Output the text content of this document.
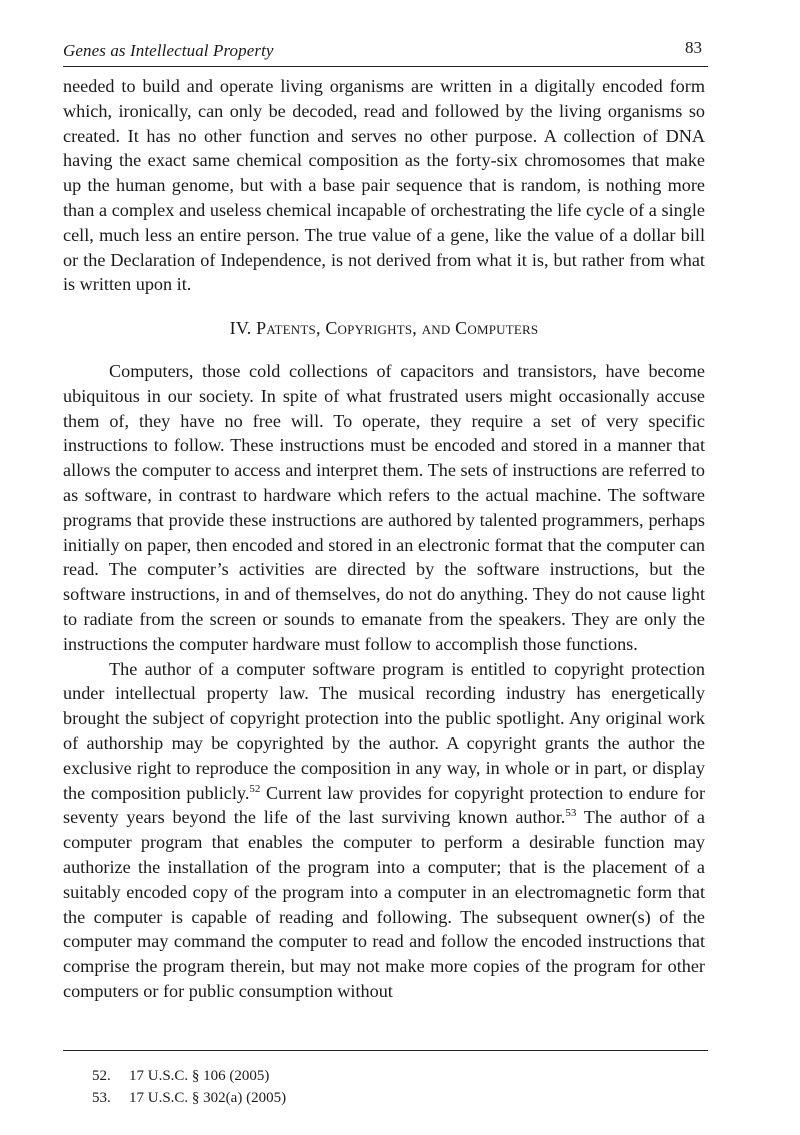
Genes as Intellectual Property	83

needed to build and operate living organisms are written in a digitally encoded form which, ironically, can only be decoded, read and followed by the living organisms so created. It has no other function and serves no other purpose. A collection of DNA having the exact same chemical composition as the forty-six chromosomes that make up the human genome, but with a base pair sequence that is random, is nothing more than a complex and useless chemical incapable of orchestrating the life cycle of a single cell, much less an entire person. The true value of a gene, like the value of a dollar bill or the Declaration of Independence, is not derived from what it is, but rather from what is written upon it.

IV. Patents, Copyrights, and Computers

Computers, those cold collections of capacitors and transistors, have become ubiquitous in our society. In spite of what frustrated users might occasionally accuse them of, they have no free will. To operate, they require a set of very specific instructions to follow. These instructions must be encoded and stored in a manner that allows the computer to access and interpret them. The sets of instructions are referred to as software, in contrast to hardware which refers to the actual machine. The software programs that provide these instructions are authored by talented programmers, perhaps initially on paper, then encoded and stored in an electronic format that the computer can read. The computer’s activities are directed by the software instructions, but the software instructions, in and of themselves, do not do anything. They do not cause light to radiate from the screen or sounds to emanate from the speakers. They are only the instructions the computer hardware must follow to accomplish those functions.

The author of a computer software program is entitled to copyright protection under intellectual property law. The musical recording industry has energetically brought the subject of copyright protection into the public spotlight. Any original work of authorship may be copyrighted by the author. A copyright grants the author the exclusive right to reproduce the composition in any way, in whole or in part, or display the composition publicly.$^{52}$ Current law provides for copyright protection to endure for seventy years beyond the life of the last surviving known author.$^{53}$ The author of a computer program that enables the computer to perform a desirable function may authorize the installation of the program into a computer; that is the placement of a suitably encoded copy of the program into a computer in an electromagnetic form that the computer is capable of reading and following. The subsequent owner(s) of the computer may command the computer to read and follow the encoded instructions that comprise the program therein, but may not make more copies of the program for other computers or for public consumption without

52.	17 U.S.C. § 106 (2005)
53.	17 U.S.C. § 302(a) (2005)
